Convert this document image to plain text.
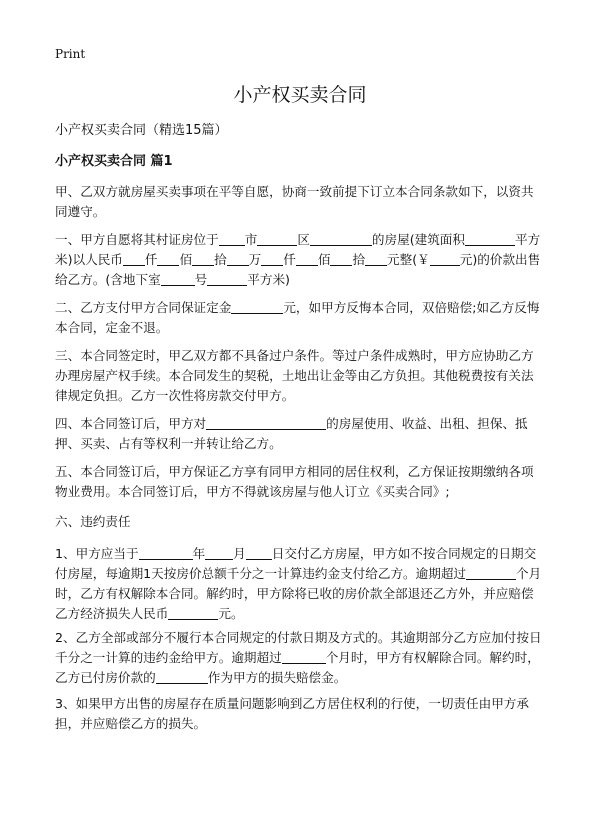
Print
小产权买卖合同
小产权买卖合同（精选15篇）
小产权买卖合同 篇1

甲、乙双方就房屋买卖事项在平等自愿，协商一致前提下订立本合同条款如下，以资共同遵守。

一、甲方自愿将其村证房位于 市	区	的房屋(建筑面积	平方米)以人民币 仟 佰 拾 万 仟 佰 拾 元整(￥ 元)的价款出售给乙方。(含地下室	号	平方米)

二、乙方支付甲方合同保证定金	元，如甲方反悔本合同，双倍赔偿;如乙方反悔本合同，定金不退。

三、本合同签定时，甲乙双方都不具备过户条件。等过户条件成熟时，甲方应协助乙方办理房屋产权手续。本合同发生的契税，土地出让金等由乙方负担。其他税费按有关法律规定负担。乙方一次性将房款交付甲方。

四、本合同签订后，甲方对	的房屋使用、收益、出租、担保、抵押、买卖、占有等权利一并转让给乙方。

五、本合同签订后，甲方保证乙方享有同甲方相同的居住权利，乙方保证按期缴纳各项物业费用。本合同签订后，甲方不得就该房屋与他人订立《买卖合同》;

六、违约责任

1、甲方应当于	年 月 日交付乙方房屋，甲方如不按合同规定的日期交付房屋，每逾期1天按房价总额千分之一计算违约金支付给乙方。逾期超过	个月时，乙方有权解除本合同。解约时，甲方除将已收的房价款全部退还乙方外，并应赔偿乙方经济损失人民币	元。

2、乙方全部或部分不履行本合同规定的付款日期及方式的。其逾期部分乙方应加付按日千分之一计算的违约金给甲方。逾期超过	个月时，甲方有权解除合同。解约时，乙方已付房价款的	作为甲方的损失赔偿金。

3、如果甲方出售的房屋存在质量问题影响到乙方居住权利的行使，一切责任由甲方承担，并应赔偿乙方的损失。
